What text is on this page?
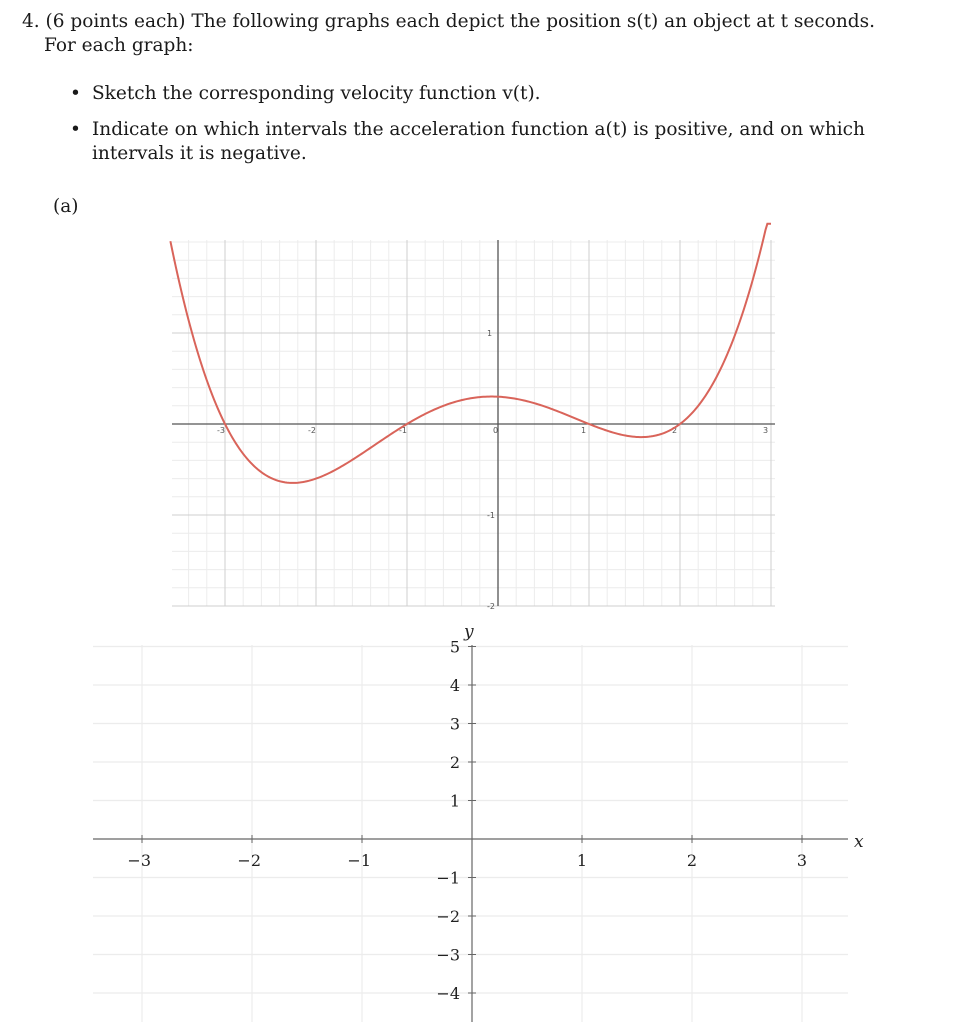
4. (6 points each) The following graphs each depict the position s(t) an object at t seconds.
For each graph:
• Sketch the corresponding velocity function v(t).
• Indicate on which intervals the acceleration function a(t) is positive, and on which intervals it is negative.
(a)
-3	-2	-1	0	1	2	3
1
-1
-2
−3	−2	−1	1	2	3
5
4
3
2
1
−1
−2
−3
−4
y
x
